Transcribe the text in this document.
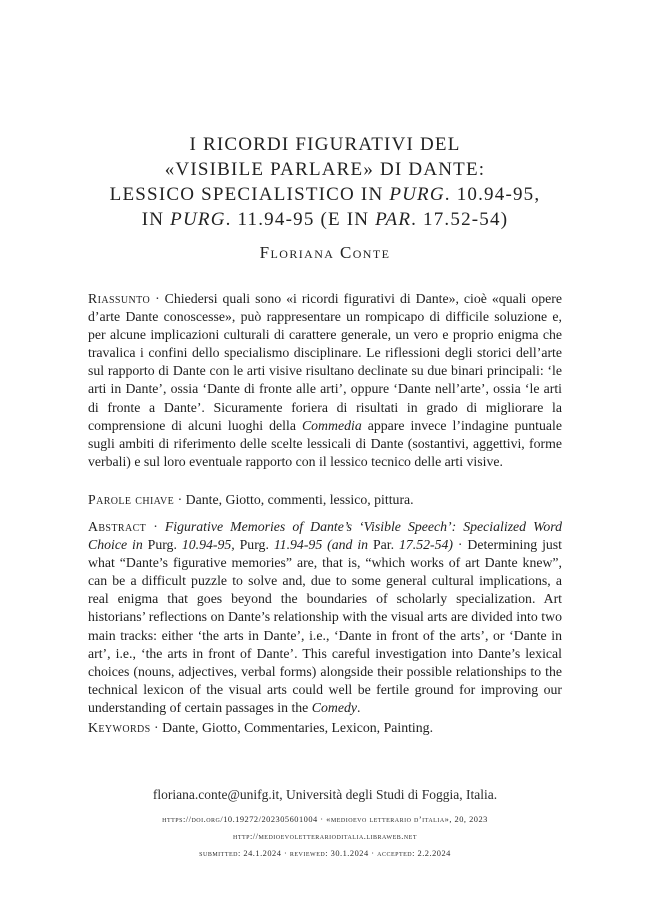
I RICORDI FIGURATIVI DEL
«VISIBILE PARLARE» DI DANTE:
LESSICO SPECIALISTICO IN PURG. 10.94-95,
IN PURG. 11.94-95 (E IN PAR. 17.52-54)
Floriana Conte

Riassunto · Chiedersi quali sono «i ricordi figurativi di Dante», cioè «quali opere d’arte Dante conoscesse», può rappresentare un rompicapo di difficile soluzione e, per alcune implicazioni culturali di carattere generale, un vero e proprio enigma che travalica i confini dello specialismo disciplinare. Le riflessioni degli storici dell’arte sul rapporto di Dante con le arti visive risultano declinate su due binari principali: ‘le arti in Dante’, ossia ‘Dante di fronte alle arti’, oppure ‘Dante nell’arte’, ossia ‘le arti di fronte a Dante’. Sicuramente foriera di risultati in grado di migliorare la comprensione di alcuni luoghi della Commedia appare invece l’indagine puntuale sugli ambiti di riferimento delle scelte lessicali di Dante (sostantivi, aggettivi, forme verbali) e sul loro eventuale rapporto con il lessico tecnico delle arti visive.

Parole chiave · Dante, Giotto, commenti, lessico, pittura.

Abstract · Figurative Memories of Dante’s ‘Visible Speech’: Specialized Word Choice in Purg. 10.94-95, Purg. 11.94-95 (and in Par. 17.52-54) · Determining just what “Dante’s figurative memories” are, that is, “which works of art Dante knew”, can be a difficult puzzle to solve and, due to some general cultural implications, a real enigma that goes beyond the boundaries of scholarly specialization. Art historians’ reflections on Dante’s relationship with the visual arts are divided into two main tracks: either ‘the arts in Dante’, i.e., ‘Dante in front of the arts’, or ‘Dante in art’, i.e., ‘the arts in front of Dante’. This careful investigation into Dante’s lexical choices (nouns, adjectives, verbal forms) alongside their possible relationships to the technical lexicon of the visual arts could well be fertile ground for improving our understanding of certain passages in the Comedy.

Keywords · Dante, Giotto, Commentaries, Lexicon, Painting.

floriana.conte@unifg.it, Università degli Studi di Foggia, Italia.
https://doi.org/10.19272/202305601004 · «medioevo letterario d’italia», 20, 2023
http://medioevoletterarioditalia.libraweb.net
submitted: 24.1.2024 · reviewed: 30.1.2024 · accepted: 2.2.2024
